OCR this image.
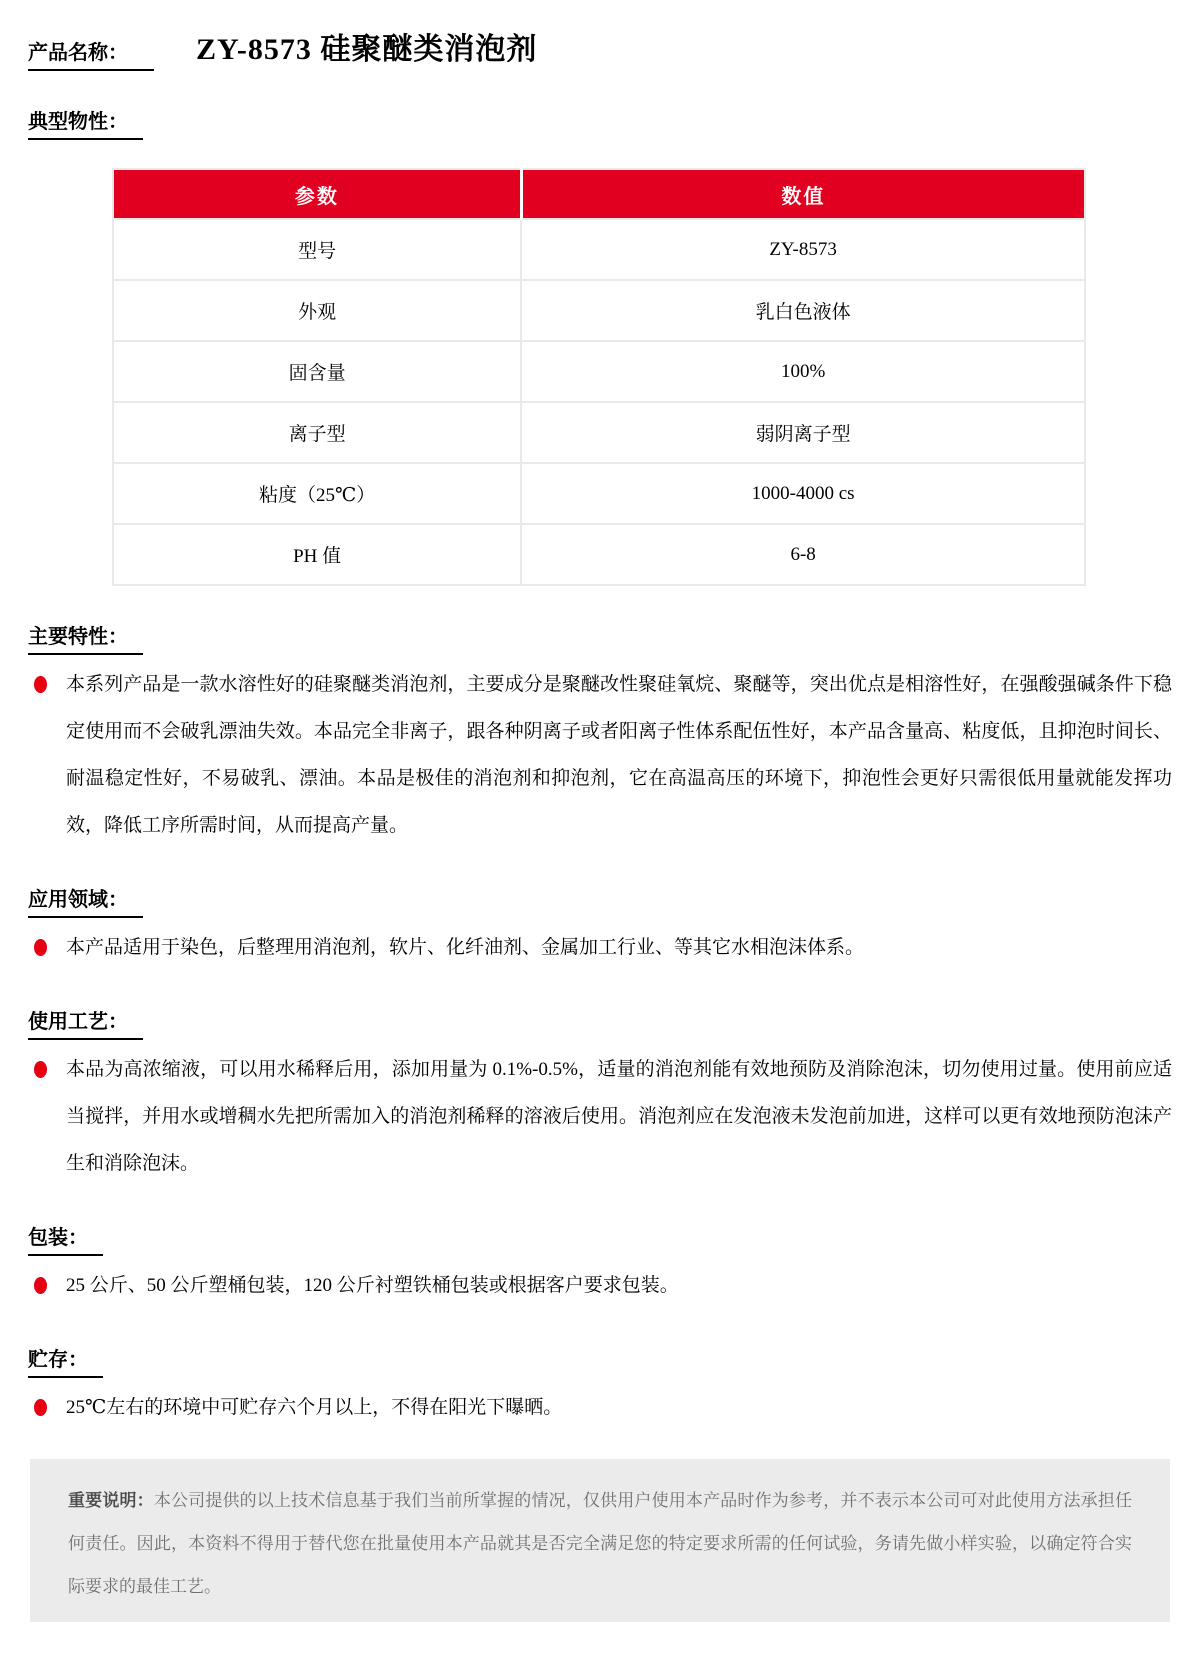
产品名称：	ZY-8573 硅聚醚类消泡剂
典型物性：
参数	数值
型号	ZY-8573
外观	乳白色液体
固含量	100%
离子型	弱阴离子型
粘度（25℃）	1000-4000 cs
PH 值	6-8
主要特性：

本系列产品是一款水溶性好的硅聚醚类消泡剂，主要成分是聚醚改性聚硅氧烷、聚醚等，突出优点是相溶性好，在强酸强碱条件下稳定使用而不会破乳漂油失效。本品完全非离子，跟各种阴离子或者阳离子性体系配伍性好，本产品含量高、粘度低，且抑泡时间长、耐温稳定性好，不易破乳、漂油。本品是极佳的消泡剂和抑泡剂，它在高温高压的环境下，抑泡性会更好只需很低用量就能发挥功效，降低工序所需时间，从而提高产量。

应用领域：

本产品适用于染色，后整理用消泡剂，软片、化纤油剂、金属加工行业、等其它水相泡沫体系。

使用工艺：

本品为高浓缩液，可以用水稀释后用，添加用量为 0.1%-0.5%，适量的消泡剂能有效地预防及消除泡沫，切勿使用过量。使用前应适当搅拌，并用水或增稠水先把所需加入的消泡剂稀释的溶液后使用。消泡剂应在发泡液未发泡前加进，这样可以更有效地预防泡沫产生和消除泡沫。

包装：

25 公斤、50 公斤塑桶包装，120 公斤衬塑铁桶包装或根据客户要求包装。

贮存：

25℃左右的环境中可贮存六个月以上，不得在阳光下曝晒。

重要说明：本公司提供的以上技术信息基于我们当前所掌握的情况，仅供用户使用本产品时作为参考，并不表示本公司可对此使用方法承担任何责任。因此，本资料不得用于替代您在批量使用本产品就其是否完全满足您的特定要求所需的任何试验，务请先做小样实验，以确定符合实际要求的最佳工艺。
